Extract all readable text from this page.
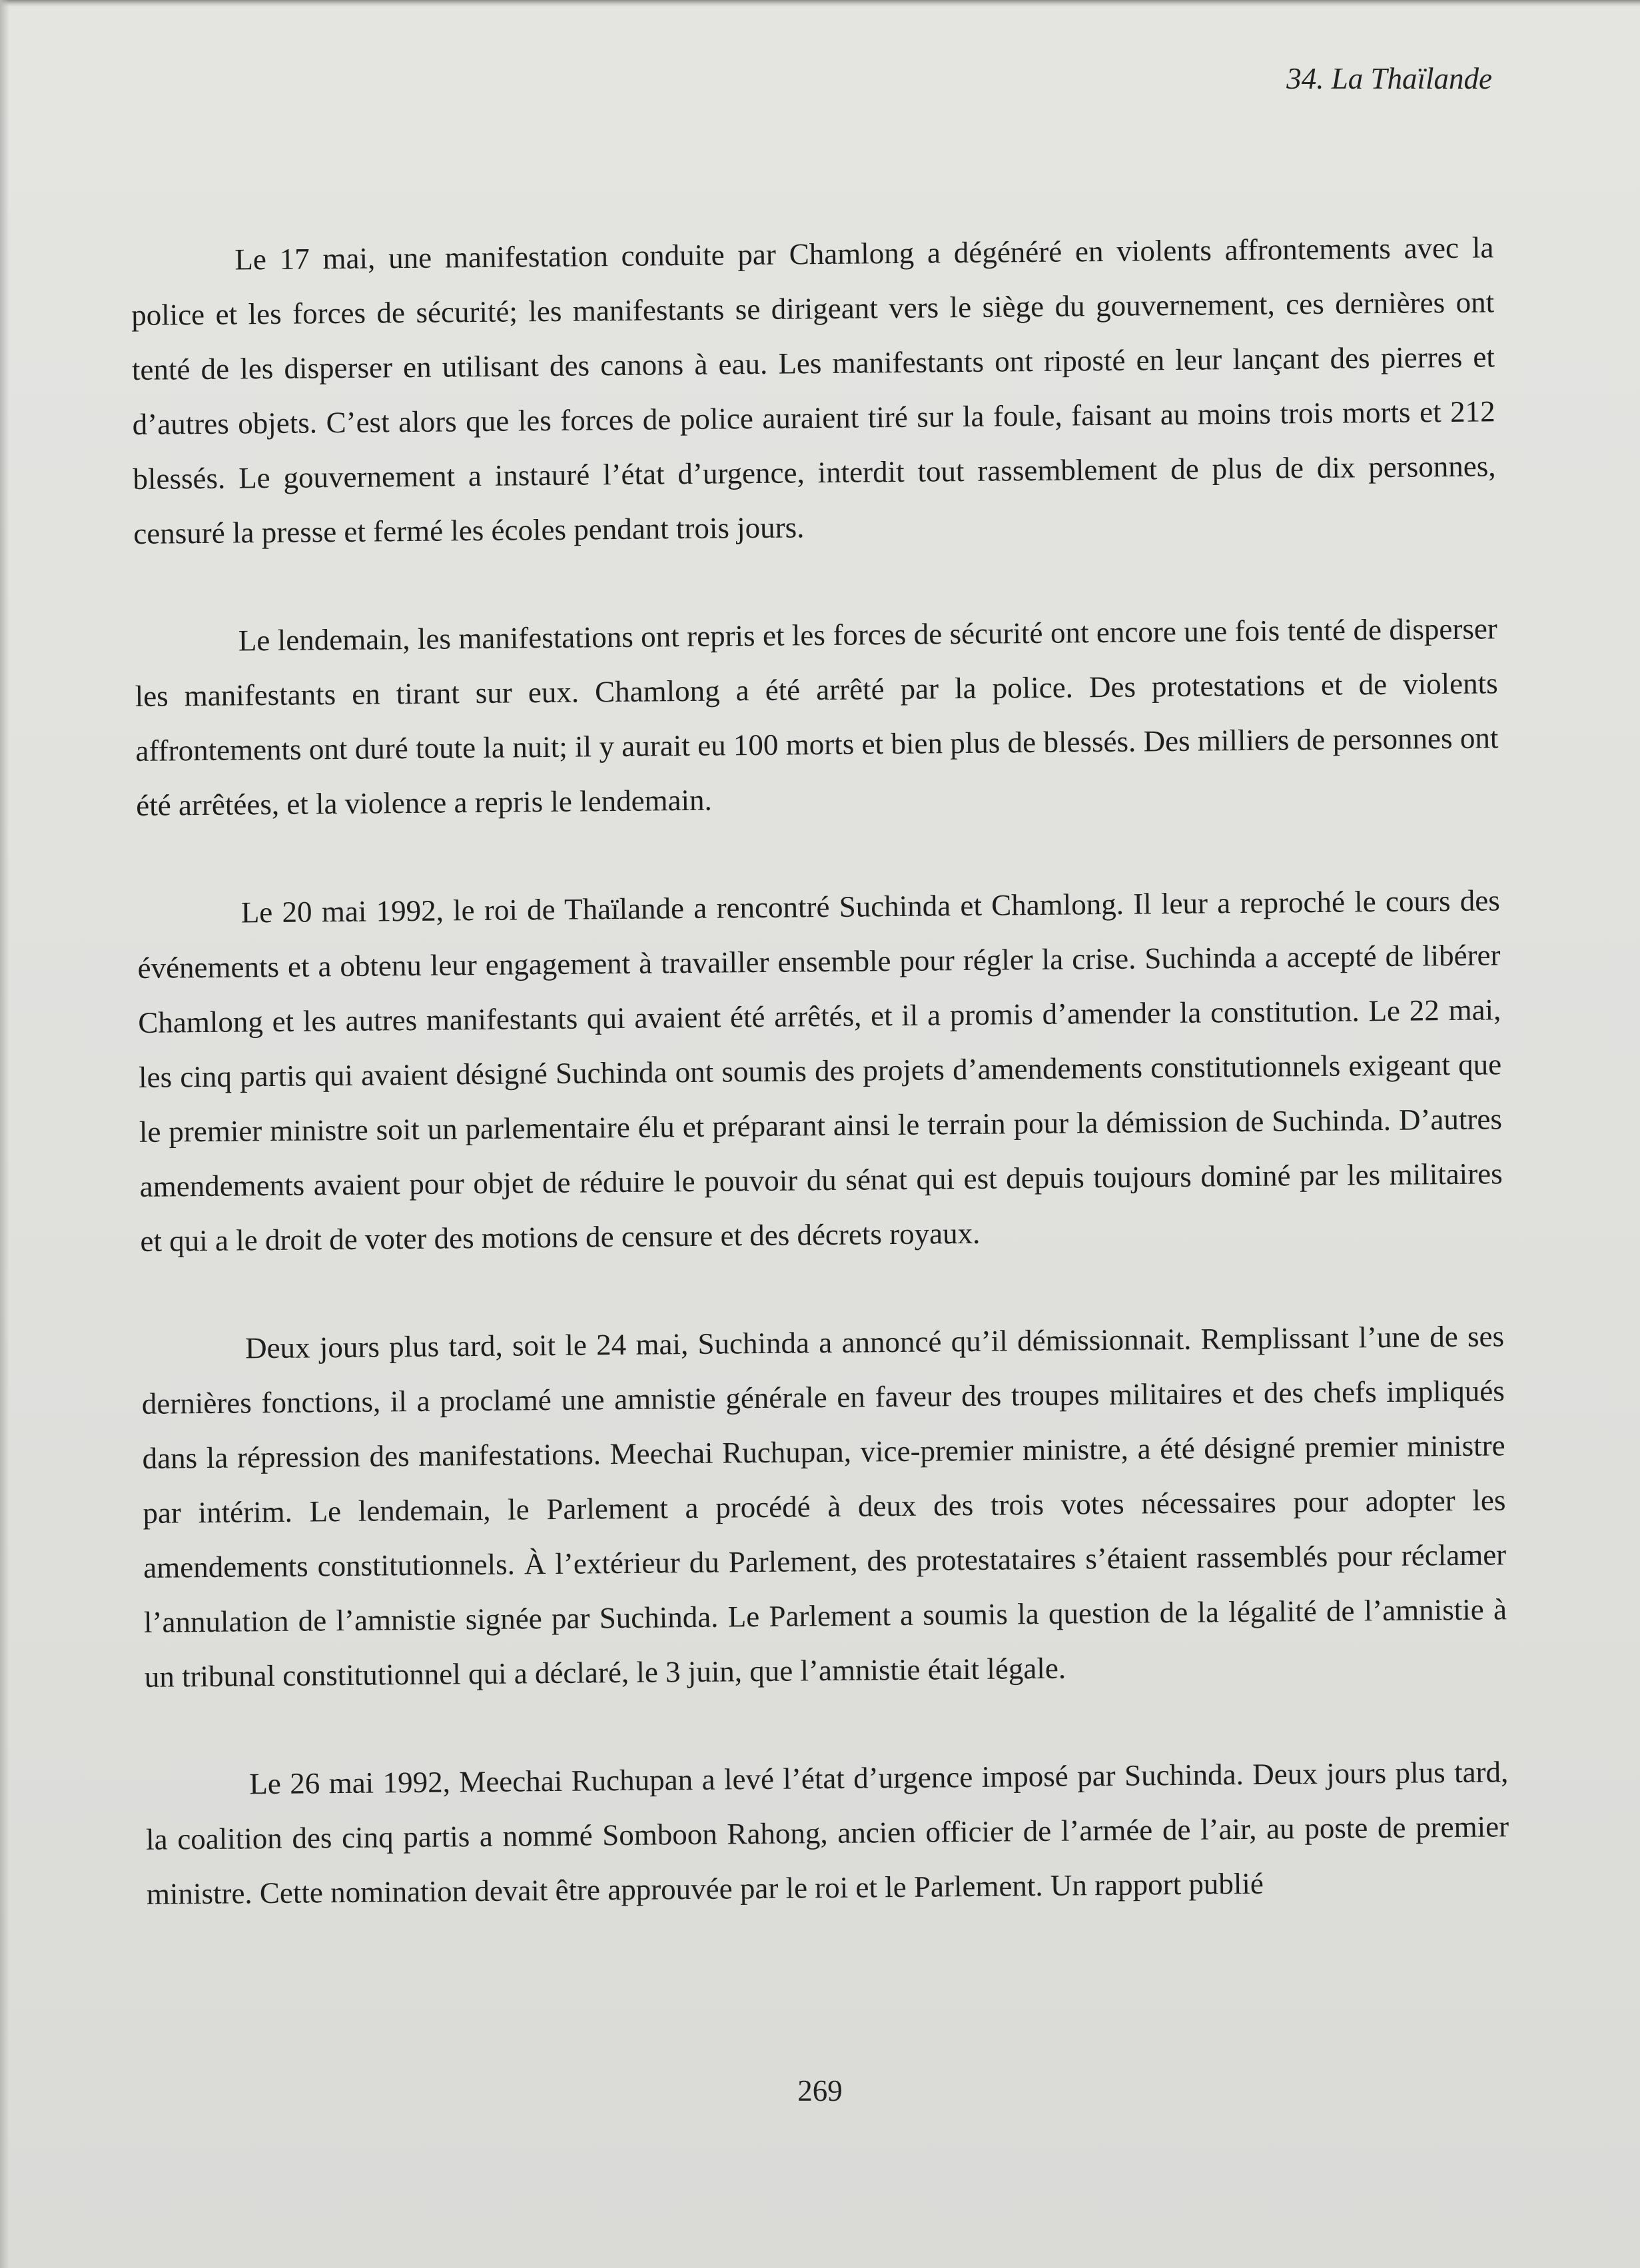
34. La Thaïlande

Le 17 mai, une manifestation conduite par Chamlong a dégénéré en violents affrontements avec la police et les forces de sécurité; les manifestants se dirigeant vers le siège du gouvernement, ces dernières ont tenté de les disperser en utilisant des canons à eau. Les manifestants ont riposté en leur lançant des pierres et d’autres objets. C’est alors que les forces de police auraient tiré sur la foule, faisant au moins trois morts et 212 blessés. Le gouvernement a instauré l’état d’urgence, interdit tout rassemblement de plus de dix personnes, censuré la presse et fermé les écoles pendant trois jours.

Le lendemain, les manifestations ont repris et les forces de sécurité ont encore une fois tenté de disperser les manifestants en tirant sur eux. Chamlong a été arrêté par la police. Des protestations et de violents affrontements ont duré toute la nuit; il y aurait eu 100 morts et bien plus de blessés. Des milliers de personnes ont été arrêtées, et la violence a repris le lendemain.

Le 20 mai 1992, le roi de Thaïlande a rencontré Suchinda et Chamlong. Il leur a reproché le cours des événements et a obtenu leur engagement à travailler ensemble pour régler la crise. Suchinda a accepté de libérer Chamlong et les autres manifestants qui avaient été arrêtés, et il a promis d’amender la constitution. Le 22 mai, les cinq partis qui avaient désigné Suchinda ont soumis des projets d’amendements constitutionnels exigeant que le premier ministre soit un parlementaire élu et préparant ainsi le terrain pour la démission de Suchinda. D’autres amendements avaient pour objet de réduire le pouvoir du sénat qui est depuis toujours dominé par les militaires et qui a le droit de voter des motions de censure et des décrets royaux.

Deux jours plus tard, soit le 24 mai, Suchinda a annoncé qu’il démissionnait. Remplissant l’une de ses dernières fonctions, il a proclamé une amnistie générale en faveur des troupes militaires et des chefs impliqués dans la répression des manifestations. Meechai Ruchupan, vice-premier ministre, a été désigné premier ministre par intérim. Le lendemain, le Parlement a procédé à deux des trois votes nécessaires pour adopter les amendements constitutionnels. À l’extérieur du Parlement, des protestataires s’étaient rassemblés pour réclamer l’annulation de l’amnistie signée par Suchinda. Le Parlement a soumis la question de la légalité de l’amnistie à un tribunal constitutionnel qui a déclaré, le 3 juin, que l’amnistie était légale.

Le 26 mai 1992, Meechai Ruchupan a levé l’état d’urgence imposé par Suchinda. Deux jours plus tard, la coalition des cinq partis a nommé Somboon Rahong, ancien officier de l’armée de l’air, au poste de premier ministre. Cette nomination devait être approuvée par le roi et le Parlement. Un rapport publié

269
